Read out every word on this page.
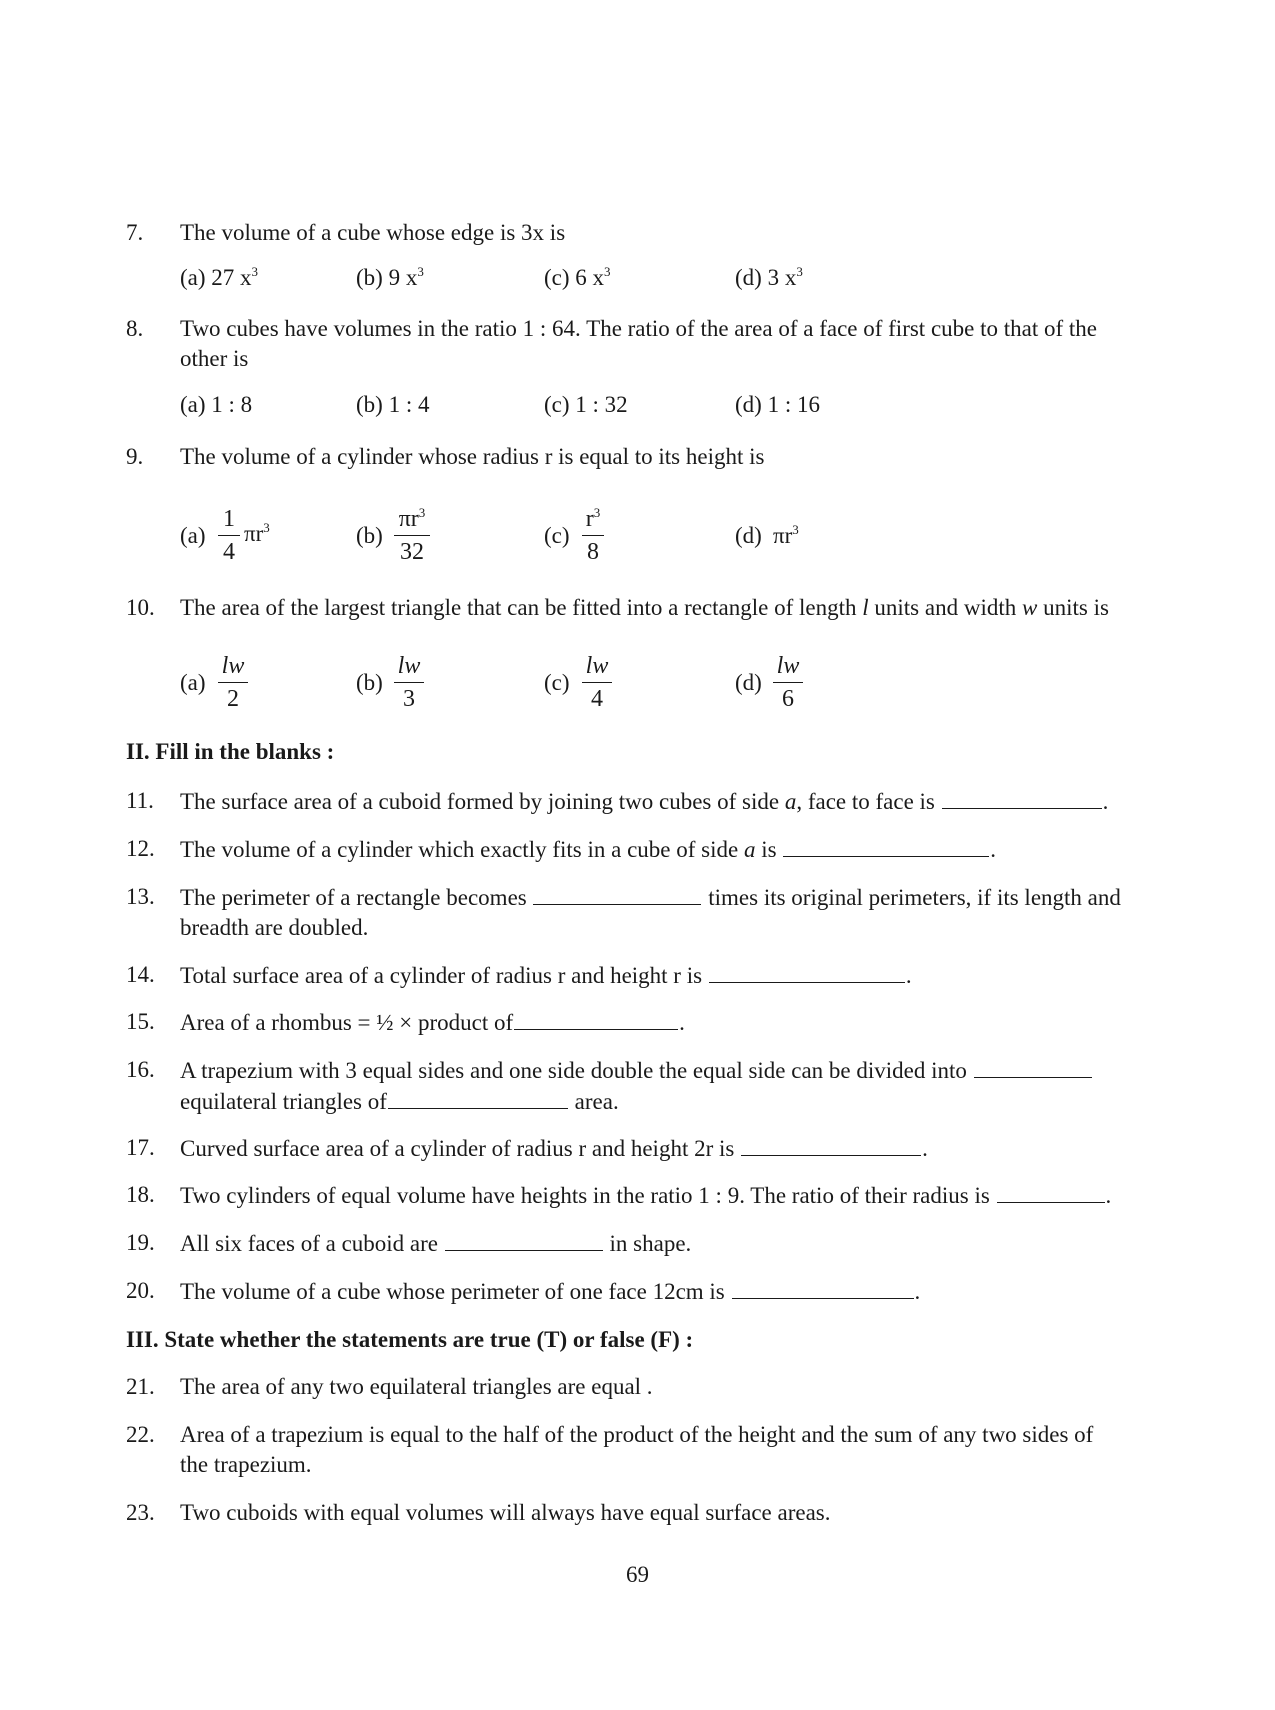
7. The volume of a cube whose edge is 3x is
(a) 27 $x^3$	(b) 9 $x^3$	(c) 6 $x^3$	(d) 3 $x^3$
8. Two cubes have volumes in the ratio 1 : 64. The ratio of the area of a face of first cube to that of the other is
(a) 1 : 8	(b) 1 : 4	(c) 1 : 32	(d) 1 : 16
9. The volume of a cylinder whose radius r is equal to its height is
(a)
1
4
$\pi r^3$	(b)
$\pi r^3$
32
(c)
$r^3$
8
(d) $\pi r^3$
10. The area of the largest triangle that can be fitted into a rectangle of length l units and width w units is
(a)
lw
2
(b)
lw
3
(c)
lw
4
(d)
lw
6
II. Fill in the blanks :
11. The surface area of a cuboid formed by joining two cubes of side a, face to face is	.
12. The volume of a cylinder which exactly fits in a cube of side a is	.
13. The perimeter of a rectangle becomes	times its original perimeters, if its length and breadth are doubled.
14. Total surface area of a cylinder of radius r and height r is	.
15. Area of a rhombus = ½ × product of	.
16. A trapezium with 3 equal sides and one side double the equal side can be divided into  equilateral triangles of	area.
17. Curved surface area of a cylinder of radius r and height 2r is	.
18. Two cylinders of equal volume have heights in the ratio 1 : 9. The ratio of their radius is	.
19. All six faces of a cuboid are	in shape.
20. The volume of a cube whose perimeter of one face 12cm is	.
III. State whether the statements are true (T) or false (F) :
21. The area of any two equilateral triangles are equal .
22. Area of a trapezium is equal to the half of the product of the height and the sum of any two sides of the trapezium.
23. Two cuboids with equal volumes will always have equal surface areas.
69
